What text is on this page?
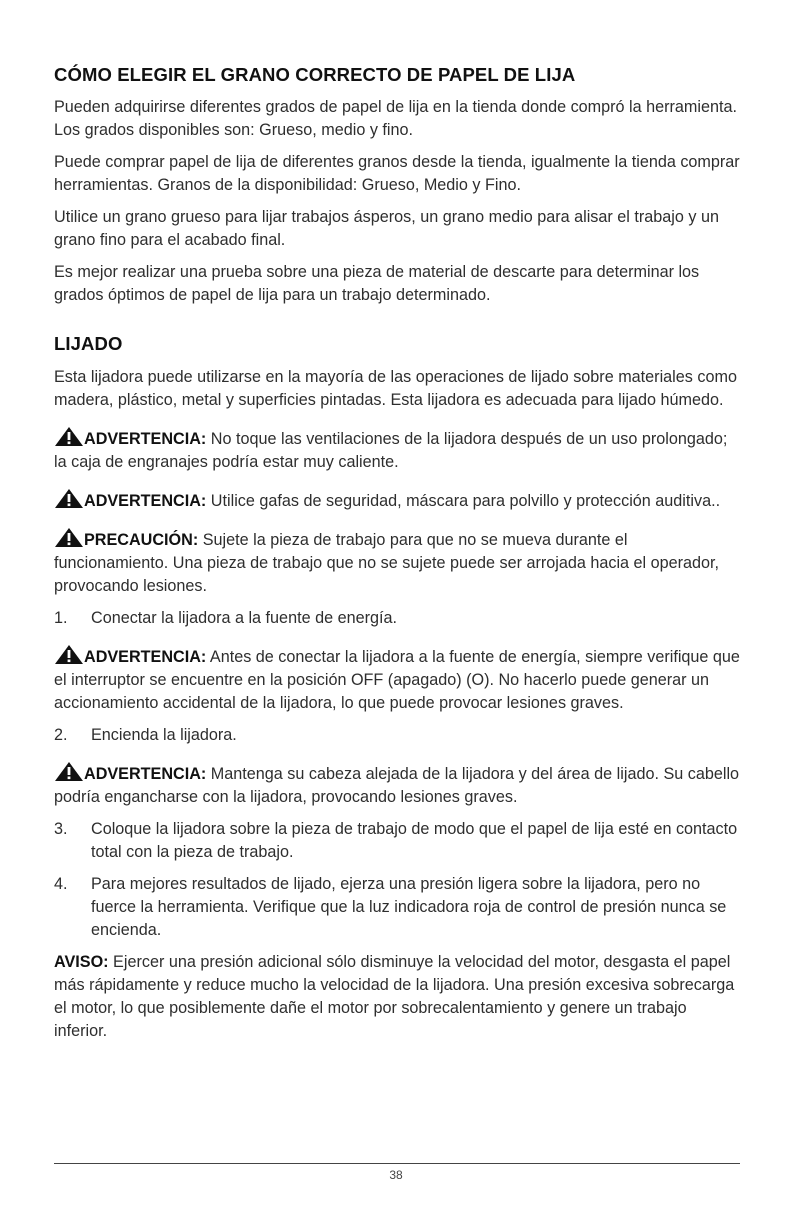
CÓMO ELEGIR EL GRANO CORRECTO DE PAPEL DE LIJA

Pueden adquirirse diferentes grados de papel de lija en la tienda donde compró la herramienta. Los grados disponibles son: Grueso, medio y fino.

Puede comprar papel de lija de diferentes granos desde la tienda, igualmente la tienda comprar herramientas. Granos de la disponibilidad: Grueso, Medio y Fino.

Utilice un grano grueso para lijar trabajos ásperos, un grano medio para alisar el trabajo y un grano fino para el acabado final.

Es mejor realizar una prueba sobre una pieza de material de descarte para determinar los grados óptimos de papel de lija para un trabajo determinado.

LIJADO

Esta lijadora puede utilizarse en la mayoría de las operaciones de lijado sobre materiales como madera, plástico, metal y superficies pintadas. Esta lijadora es adecuada para lijado húmedo.

ADVERTENCIA: No toque las ventilaciones de la lijadora después de un uso prolongado; la caja de engranajes podría estar muy caliente.
ADVERTENCIA: Utilice gafas de seguridad, máscara para polvillo y protección auditiva..
PRECAUCIÓN: Sujete la pieza de trabajo para que no se mueva durante el funcionamiento. Una pieza de trabajo que no se sujete puede ser arrojada hacia el operador, provocando lesiones.
1.	Conectar la lijadora a la fuente de energía.
ADVERTENCIA: Antes de conectar la lijadora a la fuente de energía, siempre verifique que el interruptor se encuentre en la posición OFF (apagado) (O). No hacerlo puede generar un accionamiento accidental de la lijadora, lo que puede provocar lesiones graves.
2.	Encienda la lijadora.
ADVERTENCIA: Mantenga su cabeza alejada de la lijadora y del área de lijado. Su cabello podría engancharse con la lijadora, provocando lesiones graves.
3.	Coloque la lijadora sobre la pieza de trabajo de modo que el papel de lija esté en contacto total con la pieza de trabajo.
4.	Para mejores resultados de lijado, ejerza una presión ligera sobre la lijadora, pero no fuerce la herramienta. Verifique que la luz indicadora roja de control de presión nunca se encienda.

AVISO: Ejercer una presión adicional sólo disminuye la velocidad del motor, desgasta el papel más rápidamente y reduce mucho la velocidad de la lijadora. Una presión excesiva sobrecarga el motor, lo que posiblemente dañe el motor por sobrecalentamiento y genere un trabajo inferior.

38
